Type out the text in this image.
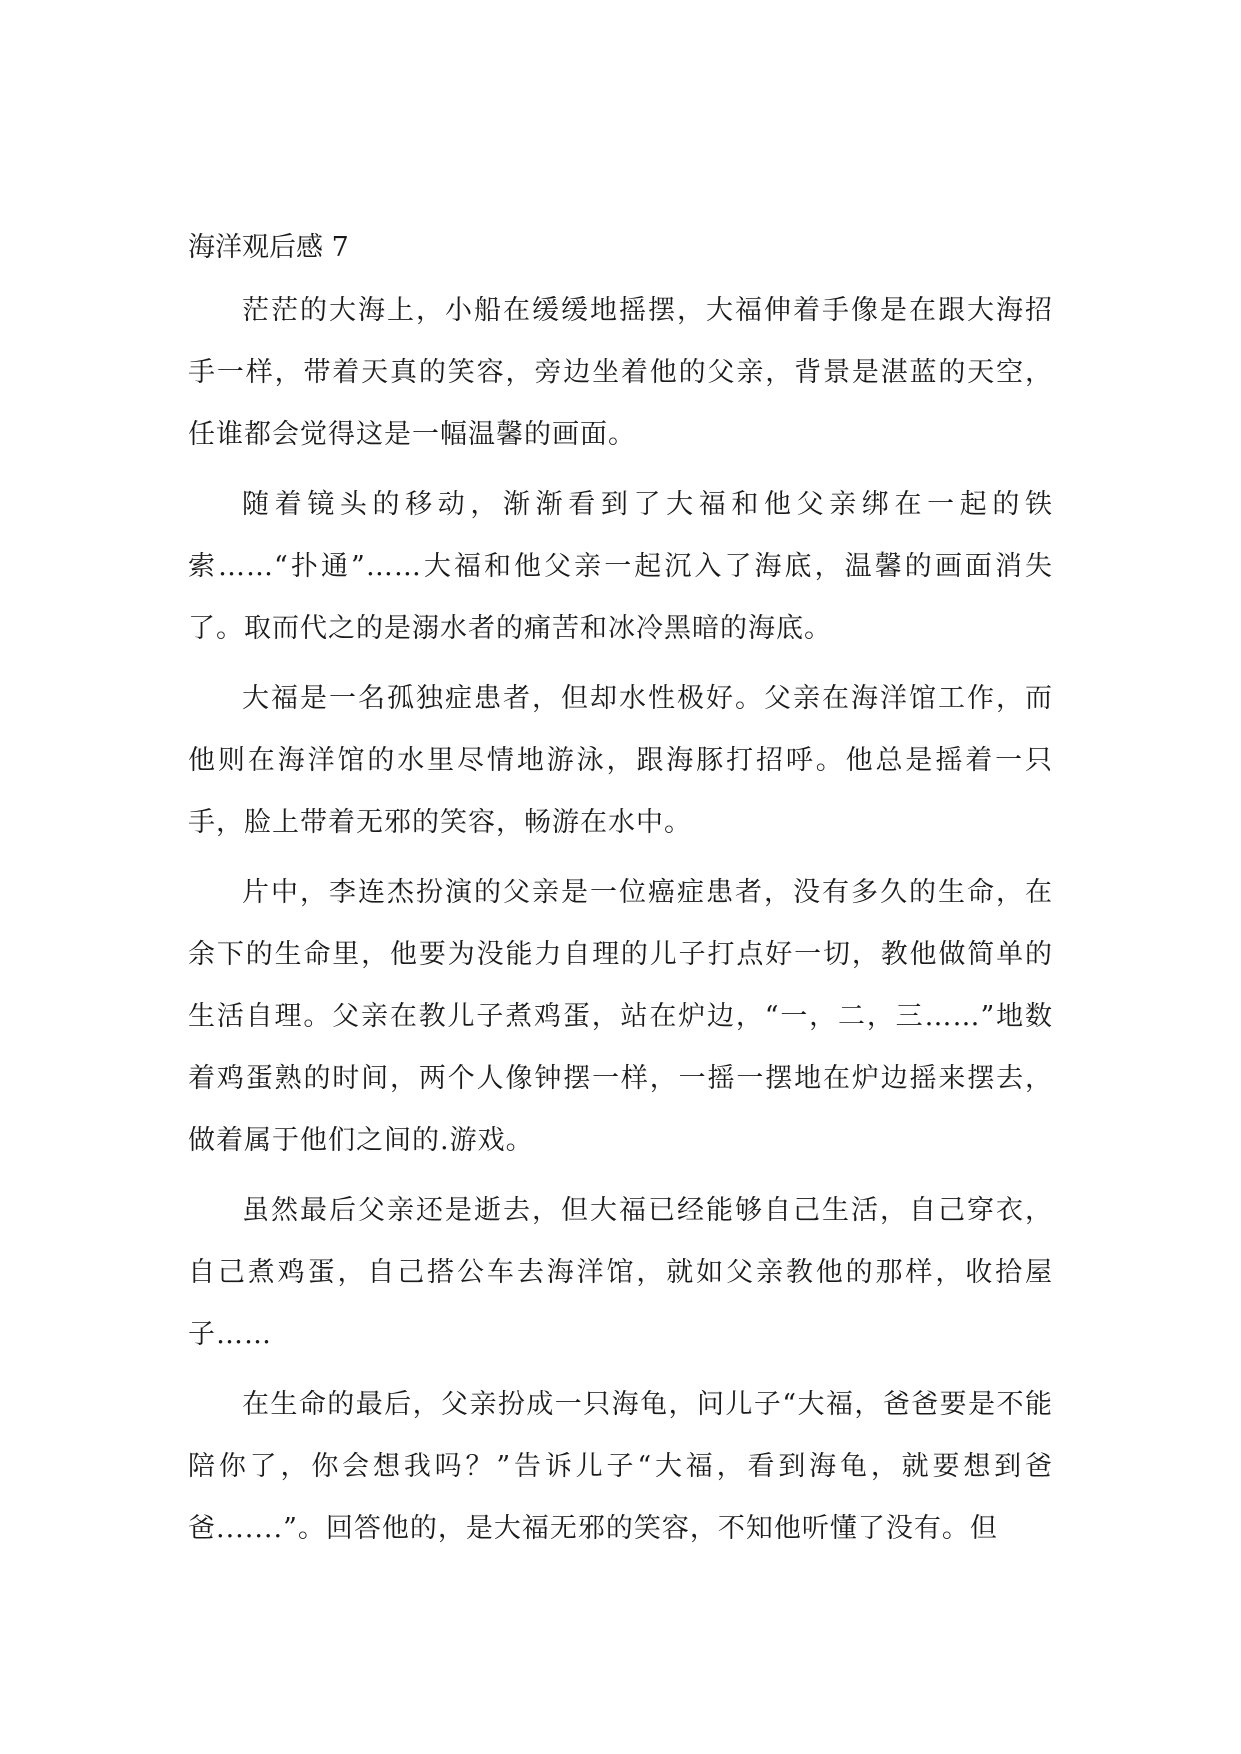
海洋观后感 7

茫茫的大海上，小船在缓缓地摇摆，大福伸着手像是在跟大海招手一样，带着天真的笑容，旁边坐着他的父亲，背景是湛蓝的天空，任谁都会觉得这是一幅温馨的画面。

随着镜头的移动，渐渐看到了大福和他父亲绑在一起的铁索……“扑通”……大福和他父亲一起沉入了海底，温馨的画面消失了。取而代之的是溺水者的痛苦和冰冷黑暗的海底。

大福是一名孤独症患者，但却水性极好。父亲在海洋馆工作，而他则在海洋馆的水里尽情地游泳，跟海豚打招呼。他总是摇着一只手，脸上带着无邪的笑容，畅游在水中。

片中，李连杰扮演的父亲是一位癌症患者，没有多久的生命，在余下的生命里，他要为没能力自理的儿子打点好一切，教他做简单的生活自理。父亲在教儿子煮鸡蛋，站在炉边，“一，二，三……”地数着鸡蛋熟的时间，两个人像钟摆一样，一摇一摆地在炉边摇来摆去，做着属于他们之间的.游戏。

虽然最后父亲还是逝去，但大福已经能够自己生活，自己穿衣，自己煮鸡蛋，自己搭公车去海洋馆，就如父亲教他的那样，收拾屋子……

在生命的最后，父亲扮成一只海龟，问儿子“大福，爸爸要是不能陪你了，你会想我吗？”告诉儿子“大福，看到海龟，就要想到爸爸.......”。回答他的，是大福无邪的笑容，不知他听懂了没有。但
